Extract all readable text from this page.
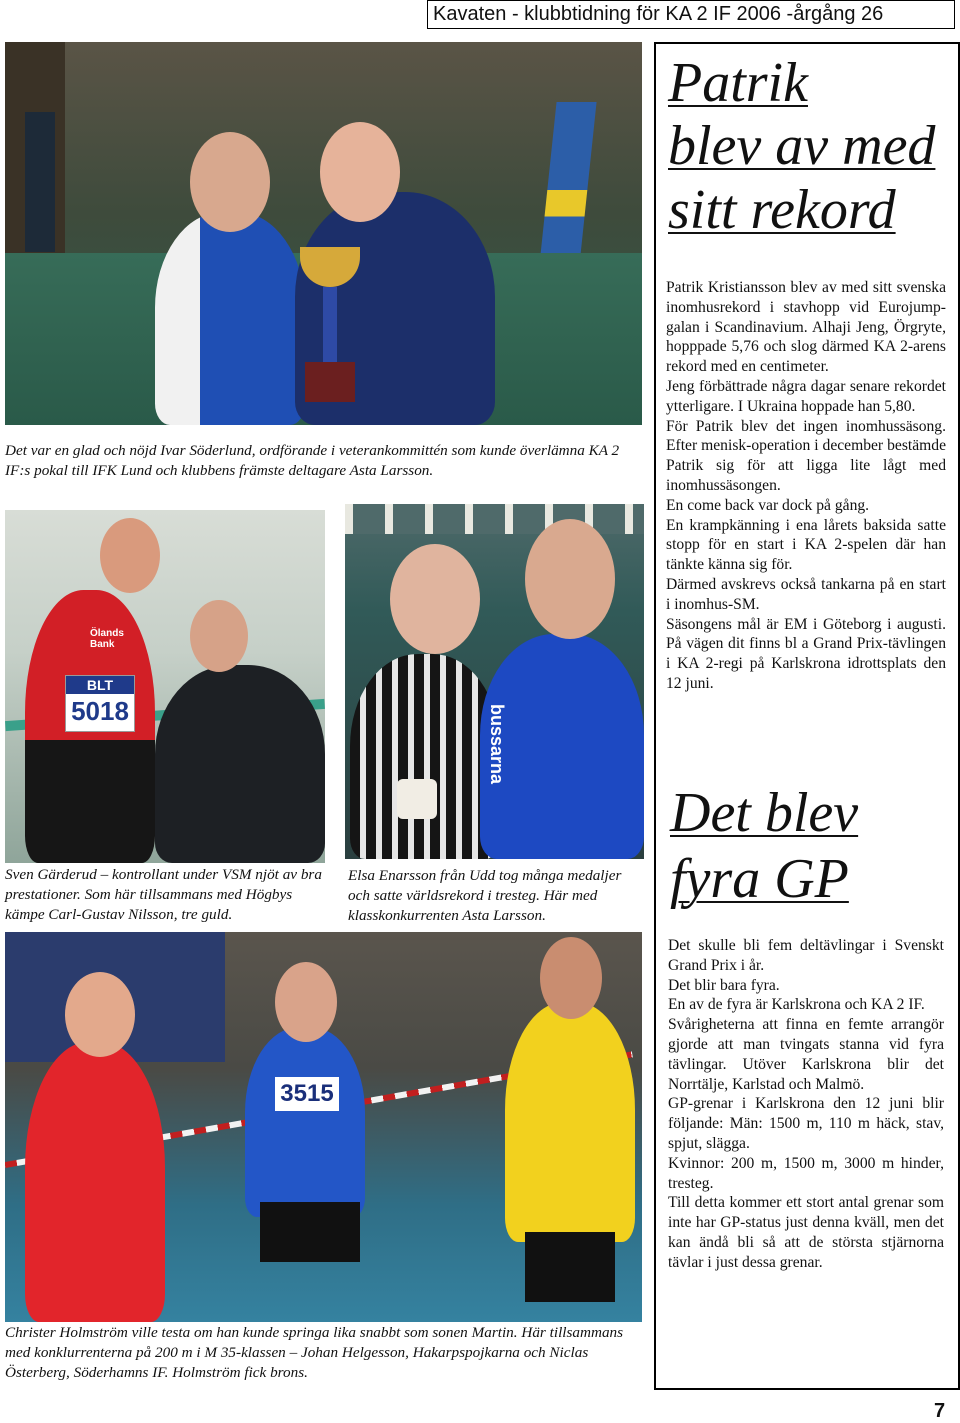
Kavaten - klubbtidning för KA 2 IF 2006 -årgång 26
Det var en glad och nöjd Ivar Söderlund, ordförande i veterankommittén som kunde överlämna KA 2 IF:s pokal till IFK Lund och klubbens främste deltagare Asta Larsson.
BLT
5018
Ölands Bank
Sven Gärderud – kontrollant under VSM njöt av bra prestationer. Som här tillsammans med Högbys kämpe Carl-Gustav Nilsson, tre guld.
bussarna
Elsa Enarsson från Udd tog många medaljer och satte världsrekord i tresteg. Här med klasskonkurrenten Asta Larsson.
3515
Christer Holmström ville testa om han kunde springa lika snabbt som sonen Martin. Här tillsammans med konklurrenterna på 200 m i M 35-klassen – Johan Helgesson, Hakarpspojkarna och Niclas Österberg, Söderhamns IF. Holmström fick brons.
Patrik
blev av med
sitt rekord

Patrik Kristiansson blev av med sitt svenska inomhusrekord i stavhopp vid Eurojump-galan i Scandinavium. Alhaji Jeng, Örgryte, hopppade 5,76 och slog därmed KA 2-arens rekord med en centimeter.

Jeng förbättrade några dagar senare rekordet ytterligare. I Ukraina hoppade han 5,80.

För Patrik blev det ingen inomhussäsong. Efter menisk-operation i december bestämde Patrik sig för att ligga lite lågt med inomhussäsongen.

En come back var dock på gång.

En krampkänning i ena lårets baksida satte stopp för en start i KA 2-spelen där han tänkte känna sig för.

Därmed avskrevs också tankarna på en start i inomhus-SM.

Säsongens mål är EM i Göteborg i augusti. På vägen dit finns bl a Grand Prix-tävlingen i KA 2-regi på Karlskrona idrottsplats den 12 juni.

Det blev
fyra GP

Det skulle bli fem deltävlingar i Svenskt Grand Prix i år.

Det blir bara fyra.

En av de fyra är Karlskrona och KA 2 IF.

Svårigheterna att finna en femte arrangör gjorde att man tvingats stanna vid fyra tävlingar. Utöver Karlskrona blir det Norrtälje, Karlstad och Malmö.

GP-grenar i Karlskrona den 12 juni blir följande: Män: 1500 m, 110 m häck, stav, spjut, slägga.

Kvinnor: 200 m, 1500 m, 3000 m hinder, tresteg.

Till detta kommer ett stort antal grenar som inte har GP-status just denna kväll, men det kan ändå bli så att de största stjärnorna tävlar i just dessa grenar.

7
